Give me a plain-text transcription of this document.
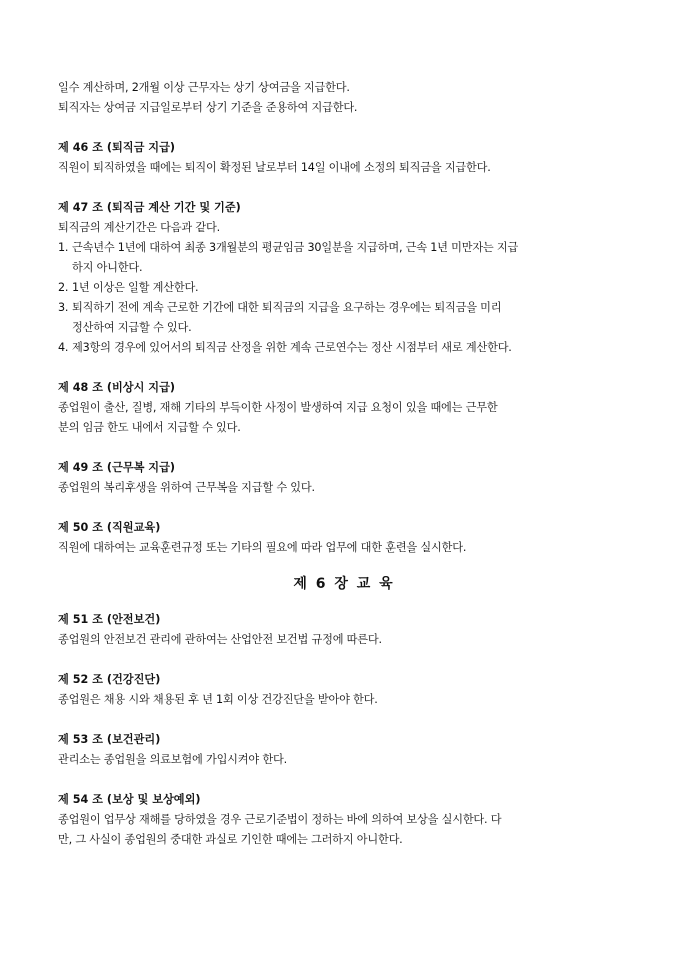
일수 계산하며, 2개월 이상 근무자는 상기 상여금을 지급한다.
퇴직자는 상여금 지급일로부터 상기 기준을 준용하여 지급한다.
제 46 조 (퇴직금 지급)
직원이 퇴직하였을 때에는 퇴직이 확정된 날로부터 14일 이내에 소정의 퇴직금을 지급한다.
제 47 조 (퇴직금 계산 기간 및 기준)
퇴직금의 계산기간은 다음과 같다.
1. 근속년수 1년에 대하여 최종 3개월분의 평균임금 30일분을 지급하며, 근속 1년 미만자는 지급
하지 아니한다.
2. 1년 이상은 일할 계산한다.
3. 퇴직하기 전에 계속 근로한 기간에 대한 퇴직금의 지급을 요구하는 경우에는 퇴직금을 미리
정산하여 지급할 수 있다.
4. 제3항의 경우에 있어서의 퇴직금 산정을 위한 계속 근로연수는 정산 시점부터 새로 계산한다.
제 48 조 (비상시 지급)
종업원이 출산, 질병, 재해 기타의 부득이한 사정이 발생하여 지급 요청이 있을 때에는 근무한
분의 임금 한도 내에서 지급할 수 있다.
제 49 조 (근무복 지급)
종업원의 복리후생을 위하여 근무복을 지급할 수 있다.
제 50 조 (직원교육)
직원에 대하여는 교육훈련규정 또는 기타의 필요에 따라 업무에 대한 훈련을 실시한다.
제 6 장 교 육
제 51 조 (안전보건)
종업원의 안전보건 관리에 관하여는 산업안전 보건법 규정에 따른다.
제 52 조 (건강진단)
종업원은 채용 시와 채용된 후 년 1회 이상 건강진단을 받아야 한다.
제 53 조 (보건관리)
관리소는 종업원을 의료보험에 가입시켜야 한다.
제 54 조 (보상 및 보상예외)
종업원이 업무상 재해를 당하였을 경우 근로기준법이 정하는 바에 의하여 보상을 실시한다. 다
만, 그 사실이 종업원의 중대한 과실로 기인한 때에는 그러하지 아니한다.
